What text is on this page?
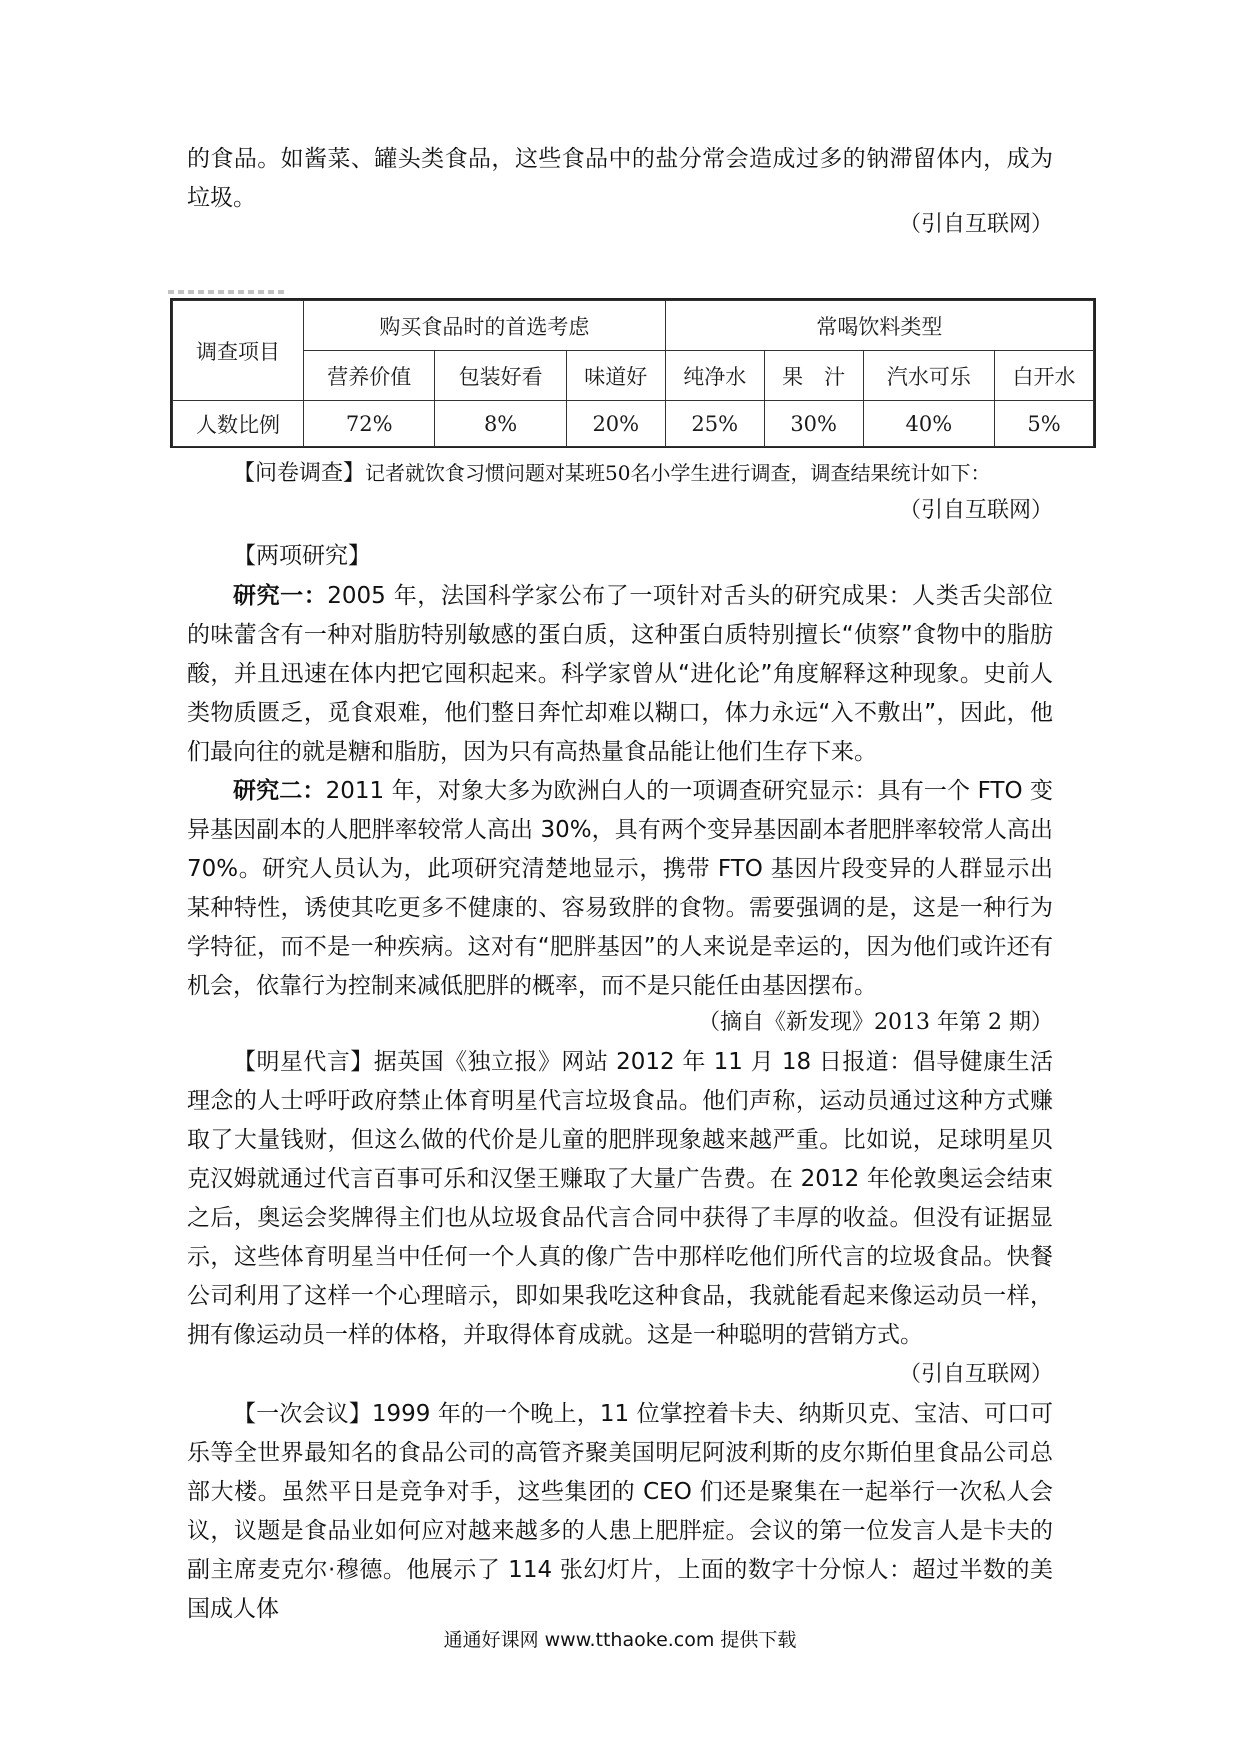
的食品。如酱菜、罐头类食品，这些食品中的盐分常会造成过多的钠滞留体内，成为垃圾。

（引自互联网）

调查项目	购买食品时的首选考虑			常喝饮料类型			
	营养价值	包装好看	味道好	纯净水	果　汁	汽水可乐	白开水
人数比例	72%	8%	20%	25%	30%	40%	5%

【问卷调查】记者就饮食习惯问题对某班50名小学生进行调查，调查结果统计如下：

（引自互联网）

【两项研究】

研究一：2005 年，法国科学家公布了一项针对舌头的研究成果：人类舌尖部位的味蕾含有一种对脂肪特别敏感的蛋白质，这种蛋白质特别擅长“侦察”食物中的脂肪酸，并且迅速在体内把它囤积起来。科学家曾从“进化论”角度解释这种现象。史前人类物质匮乏，觅食艰难，他们整日奔忙却难以糊口，体力永远“入不敷出”，因此，他们最向往的就是糖和脂肪，因为只有高热量食品能让他们生存下来。

研究二：2011 年，对象大多为欧洲白人的一项调查研究显示：具有一个 FTO 变异基因副本的人肥胖率较常人高出 30%，具有两个变异基因副本者肥胖率较常人高出 70%。研究人员认为，此项研究清楚地显示，携带 FTO 基因片段变异的人群显示出某种特性，诱使其吃更多不健康的、容易致胖的食物。需要强调的是，这是一种行为学特征，而不是一种疾病。这对有“肥胖基因”的人来说是幸运的，因为他们或许还有机会，依靠行为控制来减低肥胖的概率，而不是只能任由基因摆布。

（摘自《新发现》2013 年第 2 期）

【明星代言】据英国《独立报》网站 2012 年 11 月 18 日报道：倡导健康生活理念的人士呼吁政府禁止体育明星代言垃圾食品。他们声称，运动员通过这种方式赚取了大量钱财，但这么做的代价是儿童的肥胖现象越来越严重。比如说，足球明星贝克汉姆就通过代言百事可乐和汉堡王赚取了大量广告费。在 2012 年伦敦奥运会结束之后，奥运会奖牌得主们也从垃圾食品代言合同中获得了丰厚的收益。但没有证据显示，这些体育明星当中任何一个人真的像广告中那样吃他们所代言的垃圾食品。快餐公司利用了这样一个心理暗示，即如果我吃这种食品，我就能看起来像运动员一样，拥有像运动员一样的体格，并取得体育成就。这是一种聪明的营销方式。

（引自互联网）

【一次会议】1999 年的一个晚上，11 位掌控着卡夫、纳斯贝克、宝洁、可口可乐等全世界最知名的食品公司的高管齐聚美国明尼阿波利斯的皮尔斯伯里食品公司总部大楼。虽然平日是竞争对手，这些集团的 CEO 们还是聚集在一起举行一次私人会议，议题是食品业如何应对越来越多的人患上肥胖症。会议的第一位发言人是卡夫的副主席麦克尔·穆德。他展示了 114 张幻灯片，上面的数字十分惊人：超过半数的美国成人体

通通好课网 www.tthaoke.com 提供下载
